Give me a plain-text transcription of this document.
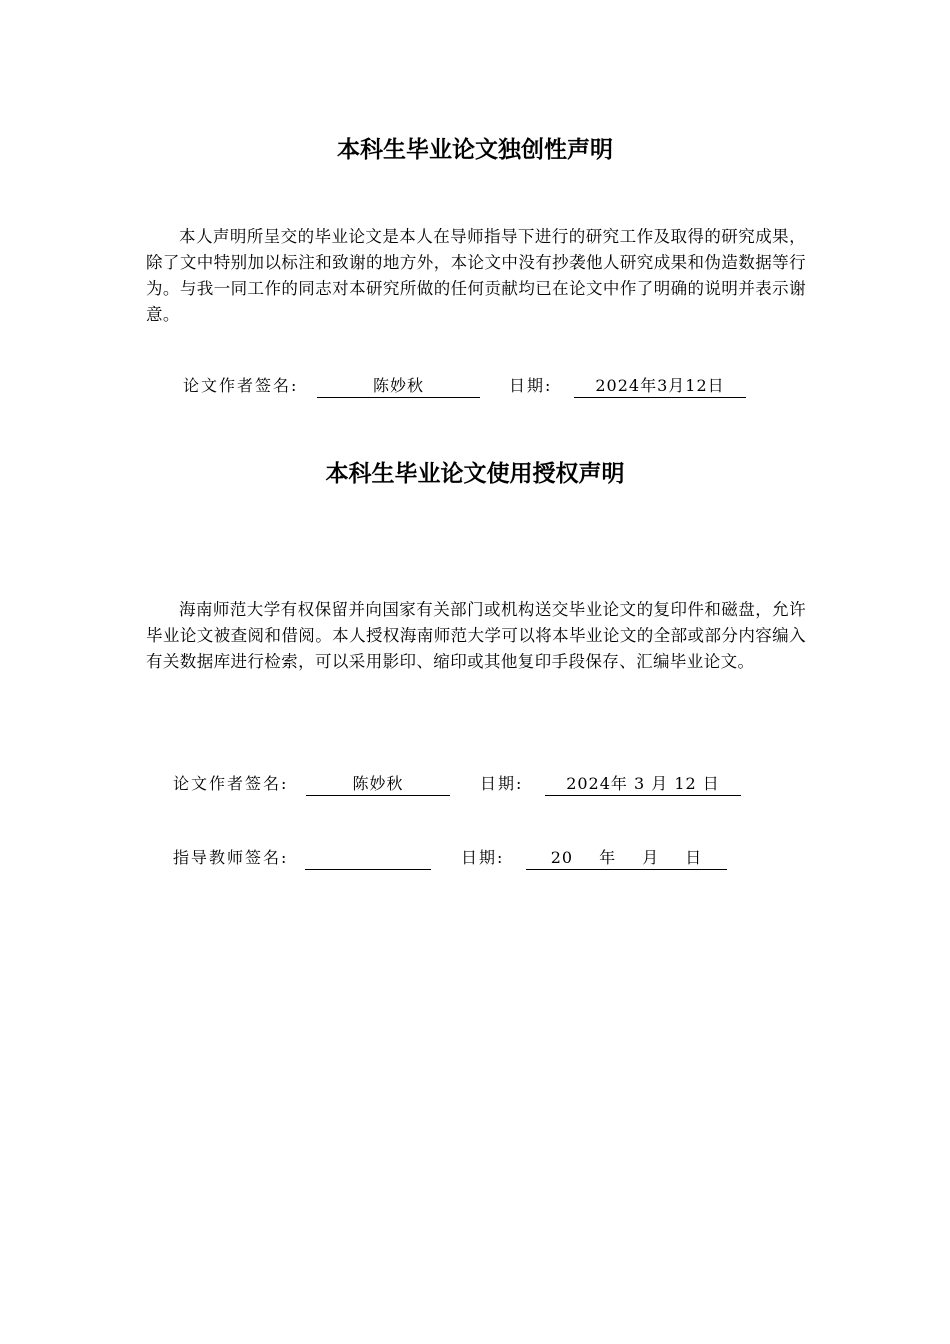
本科生毕业论文独创性声明
本人声明所呈交的毕业论文是本人在导师指导下进行的研究工作及取得的研究成果，除了文中特别加以标注和致谢的地方外，本论文中没有抄袭他人研究成果和伪造数据等行为。与我一同工作的同志对本研究所做的任何贡献均已在论文中作了明确的说明并表示谢意。
论文作者签名:	陈妙秋	日期:	2024年3月12日
本科生毕业论文使用授权声明
海南师范大学有权保留并向国家有关部门或机构送交毕业论文的复印件和磁盘，允许毕业论文被查阅和借阅。本人授权海南师范大学可以将本毕业论文的全部或部分内容编入有关数据库进行检索，可以采用影印、缩印或其他复印手段保存、汇编毕业论文。
论文作者签名:	陈妙秋	日期:	2024年 3 月 12 日
指导教师签名:	日期:	20 年 月 日
